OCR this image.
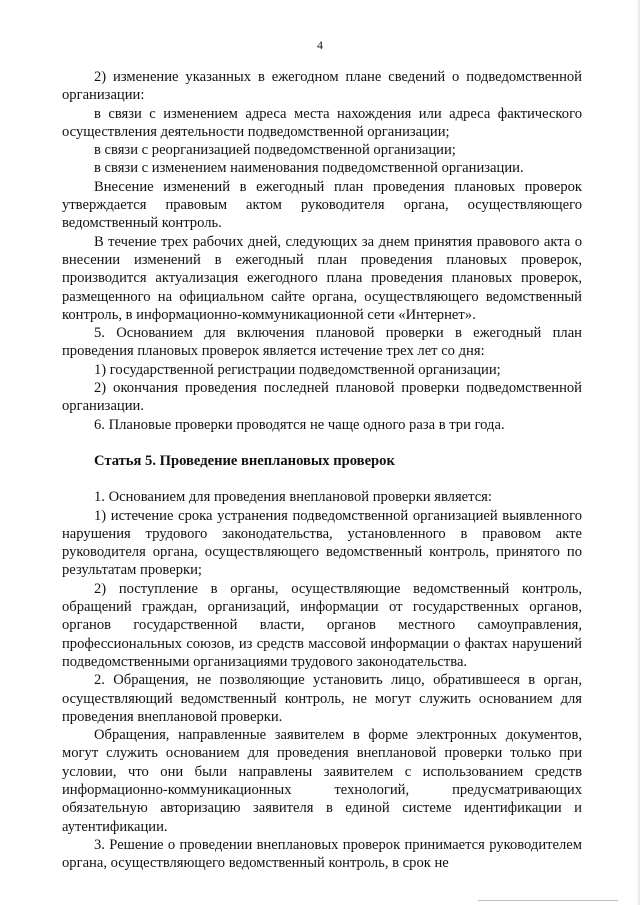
4

2) изменение указанных в ежегодном плане сведений о подведомственной организации:

в связи с изменением адреса места нахождения или адреса фактического осуществления деятельности подведомственной организации;

в связи с реорганизацией подведомственной организации;

в связи с изменением наименования подведомственной организации.

Внесение изменений в ежегодный план проведения плановых проверок утверждается правовым актом руководителя органа, осуществляющего ведомственный контроль.

В течение трех рабочих дней, следующих за днем принятия правового акта о внесении изменений в ежегодный план проведения плановых проверок, производится актуализация ежегодного плана проведения плановых проверок, размещенного на официальном сайте органа, осуществляющего ведомственный контроль, в информационно-коммуникационной сети «Интернет».

5. Основанием для включения плановой проверки в ежегодный план проведения плановых проверок является истечение трех лет со дня:

1) государственной регистрации подведомственной организации;

2) окончания проведения последней плановой проверки подведомственной организации.

6. Плановые проверки проводятся не чаще одного раза в три года.

Статья 5. Проведение внеплановых проверок

1. Основанием для проведения внеплановой проверки является:

1) истечение срока устранения подведомственной организацией выявленного нарушения трудового законодательства, установленного в правовом акте руководителя органа, осуществляющего ведомственный контроль, принятого по результатам проверки;

2) поступление в органы, осуществляющие ведомственный контроль, обращений граждан, организаций, информации от государственных органов, органов государственной власти, органов местного самоуправления, профессиональных союзов, из средств массовой информации о фактах нарушений подведомственными организациями трудового законодательства.

2. Обращения, не позволяющие установить лицо, обратившееся в орган, осуществляющий ведомственный контроль, не могут служить основанием для проведения внеплановой проверки.

Обращения, направленные заявителем в форме электронных документов, могут служить основанием для проведения внеплановой проверки только при условии, что они были направлены заявителем с использованием средств информационно-коммуникационных технологий, предусматривающих обязательную авторизацию заявителя в единой системе идентификации и аутентификации.

3. Решение о проведении внеплановых проверок принимается руководителем органа, осуществляющего ведомственный контроль, в срок не
